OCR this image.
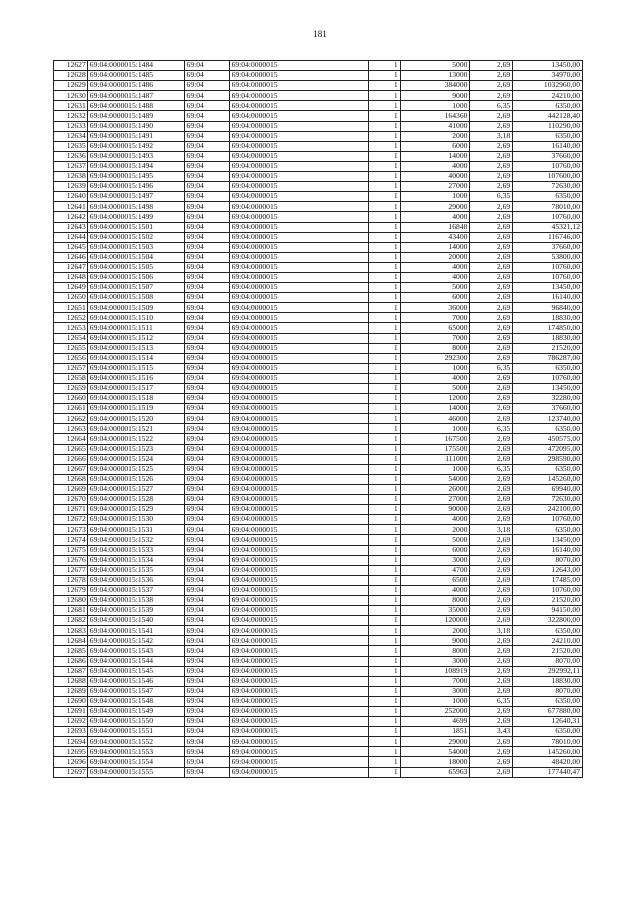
181
12627	69:04:0000015:1484	69:04	69:04:0000015	1	5000	2,69	13450,00
12628	69:04:0000015:1485	69:04	69:04:0000015	1	13000	2,69	34970,00
12629	69:04:0000015:1486	69:04	69:04:0000015	1	384000	2,69	1032960,00
12630	69:04:0000015:1487	69:04	69:04:0000015	1	9000	2,69	24210,00
12631	69:04:0000015:1488	69:04	69:04:0000015	1	1000	6,35	6350,00
12632	69:04:0000015:1489	69:04	69:04:0000015	1	164360	2,69	442128,40
12633	69:04:0000015:1490	69:04	69:04:0000015	1	41000	2,69	110290,00
12634	69:04:0000015:1491	69:04	69:04:0000015	1	2000	3,18	6350,00
12635	69:04:0000015:1492	69:04	69:04:0000015	1	6000	2,69	16140,00
12636	69:04:0000015:1493	69:04	69:04:0000015	1	14000	2,69	37660,00
12637	69:04:0000015:1494	69:04	69:04:0000015	1	4000	2,69	10760,00
12638	69:04:0000015:1495	69:04	69:04:0000015	1	40000	2,69	107600,00
12639	69:04:0000015:1496	69:04	69:04:0000015	1	27000	2,69	72630,00
12640	69:04:0000015:1497	69:04	69:04:0000015	1	1000	6,35	6350,00
12641	69:04:0000015:1498	69:04	69:04:0000015	1	29000	2,69	78010,00
12642	69:04:0000015:1499	69:04	69:04:0000015	1	4000	2,69	10760,00
12643	69:04:0000015:1501	69:04	69:04:0000015	1	16848	2,69	45321,12
12644	69:04:0000015:1502	69:04	69:04:0000015	1	43400	2,69	116746,00
12645	69:04:0000015:1503	69:04	69:04:0000015	1	14000	2,69	37660,00
12646	69:04:0000015:1504	69:04	69:04:0000015	1	20000	2,69	53800,00
12647	69:04:0000015:1505	69:04	69:04:0000015	1	4000	2,69	10760,00
12648	69:04:0000015:1506	69:04	69:04:0000015	1	4000	2,69	10760,00
12649	69:04:0000015:1507	69:04	69:04:0000015	1	5000	2,69	13450,00
12650	69:04:0000015:1508	69:04	69:04:0000015	1	6000	2,69	16140,00
12651	69:04:0000015:1509	69:04	69:04:0000015	1	36000	2,69	96840,00
12652	69:04:0000015:1510	69:04	69:04:0000015	1	7000	2,69	18830,00
12653	69:04:0000015:1511	69:04	69:04:0000015	1	65000	2,69	174850,00
12654	69:04:0000015:1512	69:04	69:04:0000015	1	7000	2,69	18830,00
12655	69:04:0000015:1513	69:04	69:04:0000015	1	8000	2,69	21520,00
12656	69:04:0000015:1514	69:04	69:04:0000015	1	292300	2,69	786287,00
12657	69:04:0000015:1515	69:04	69:04:0000015	1	1000	6,35	6350,00
12658	69:04:0000015:1516	69:04	69:04:0000015	1	4000	2,69	10760,00
12659	69:04:0000015:1517	69:04	69:04:0000015	1	5000	2,69	13450,00
12660	69:04:0000015:1518	69:04	69:04:0000015	1	12000	2,69	32280,00
12661	69:04:0000015:1519	69:04	69:04:0000015	1	14000	2,69	37660,00
12662	69:04:0000015:1520	69:04	69:04:0000015	1	46000	2,69	123740,00
12663	69:04:0000015:1521	69:04	69:04:0000015	1	1000	6,35	6350,00
12664	69:04:0000015:1522	69:04	69:04:0000015	1	167500	2,69	450575,00
12665	69:04:0000015:1523	69:04	69:04:0000015	1	175500	2,69	472095,00
12666	69:04:0000015:1524	69:04	69:04:0000015	1	111000	2,69	298590,00
12667	69:04:0000015:1525	69:04	69:04:0000015	1	1000	6,35	6350,00
12668	69:04:0000015:1526	69:04	69:04:0000015	1	54000	2,69	145260,00
12669	69:04:0000015:1527	69:04	69:04:0000015	1	26000	2,69	69940,00
12670	69:04:0000015:1528	69:04	69:04:0000015	1	27000	2,69	72630,00
12671	69:04:0000015:1529	69:04	69:04:0000015	1	90000	2,69	242100,00
12672	69:04:0000015:1530	69:04	69:04:0000015	1	4000	2,69	10760,00
12673	69:04:0000015:1531	69:04	69:04:0000015	1	2000	3,18	6350,00
12674	69:04:0000015:1532	69:04	69:04:0000015	1	5000	2,69	13450,00
12675	69:04:0000015:1533	69:04	69:04:0000015	1	6000	2,69	16140,00
12676	69:04:0000015:1534	69:04	69:04:0000015	1	3000	2,69	8070,00
12677	69:04:0000015:1535	69:04	69:04:0000015	1	4700	2,69	12643,00
12678	69:04:0000015:1536	69:04	69:04:0000015	1	6500	2,69	17485,00
12679	69:04:0000015:1537	69:04	69:04:0000015	1	4000	2,69	10760,00
12680	69:04:0000015:1538	69:04	69:04:0000015	1	8000	2,69	21520,00
12681	69:04:0000015:1539	69:04	69:04:0000015	1	35000	2,69	94150,00
12682	69:04:0000015:1540	69:04	69:04:0000015	1	120000	2,69	322800,00
12683	69:04:0000015:1541	69:04	69:04:0000015	1	2000	3,18	6350,00
12684	69:04:0000015:1542	69:04	69:04:0000015	1	9000	2,69	24210,00
12685	69:04:0000015:1543	69:04	69:04:0000015	1	8000	2,69	21520,00
12686	69:04:0000015:1544	69:04	69:04:0000015	1	3000	2,69	8070,00
12687	69:04:0000015:1545	69:04	69:04:0000015	1	108919	2,69	292992,11
12688	69:04:0000015:1546	69:04	69:04:0000015	1	7000	2,69	18830,00
12689	69:04:0000015:1547	69:04	69:04:0000015	1	3000	2,69	8070,00
12690	69:04:0000015:1548	69:04	69:04:0000015	1	1000	6,35	6350,00
12691	69:04:0000015:1549	69:04	69:04:0000015	1	252000	2,69	677880,00
12692	69:04:0000015:1550	69:04	69:04:0000015	1	4699	2,69	12640,31
12693	69:04:0000015:1551	69:04	69:04:0000015	1	1851	3,43	6350,00
12694	69:04:0000015:1552	69:04	69:04:0000015	1	29000	2,69	78010,00
12695	69:04:0000015:1553	69:04	69:04:0000015	1	54000	2,69	145260,00
12696	69:04:0000015:1554	69:04	69:04:0000015	1	18000	2,69	48420,00
12697	69:04:0000015:1555	69:04	69:04:0000015	1	65963	2,69	177440,47
